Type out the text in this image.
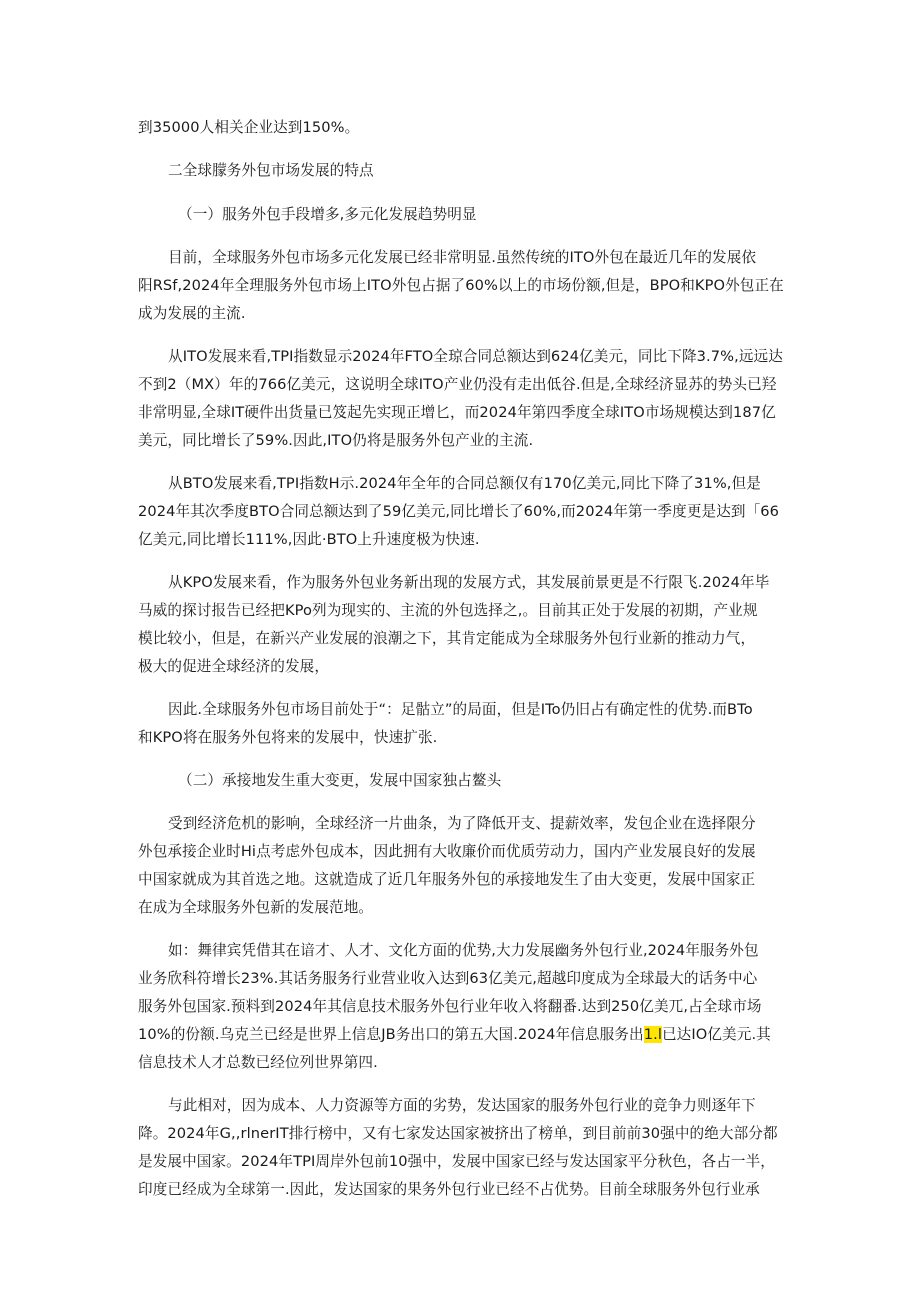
到35000人相关企业达到150%。
二全球朦务外包市场发展的特点
（一）服务外包手段增多,多元化发展趋势明显
目前，全球服务外包市场多元化发展已经非常明显.虽然传统的ITO外包在最近几年的发展依
阳RSf,2024年全理服务外包市场上ITO外包占据了60%以上的市场份额,但是，BPO和KPO外包正在
成为发展的主流.
从ITO发展来看,TPI指数显示2024年FTO全琼合同总额达到624亿美元，同比下降3.7%,远远达
不到2（MX）年的766亿美元，这说明全球ITO产业仍没有走出低谷.但是,全球经济显苏的势头已羟
非常明显,全球IT硬件出货量已笈起先实现正增匕，而2024年第四季度全球ITO市场规模达到187亿
美元，同比增长了59%.因此,ITO仍将是服务外包产业的主流.
从BTO发展来看,TPI指数H示.2024年全年的合同总额仅有170亿美元,同比下降了31%,但是
2024年其次季度BTO合同总额达到了59亿美元,同比增长了60%,而2024年第一季度更是达到「66
亿美元,同比增长111%,因此·BTO上升速度极为快速.
从KPO发展来看，作为服务外包业务新出现的发展方式，其发展前景更是不行限飞.2024年毕
马威的探讨报告已经把KPo列为现实的、主流的外包选择之,。目前其正处于发展的初期，产业规
模比较小，但是，在新兴产业发展的浪潮之下，其肯定能成为全球服务外包行业新的推动力气，
极大的促进全球经济的发展，
因此.全球服务外包市场目前处于“：足骷立”的局面，但是ITo仍旧占有确定性的优势.而BTo
和KPO将在服务外包将来的发展中，快速扩张.
（二）承接地发生重大变更，发展中国家独占鳌头
受到经济危机的影响，全球经济一片曲条，为了降低开支、提薪效率，发包企业在选择限分
外包承接企业时Hi点考虑外包成本，因此拥有大收廉价而优质劳动力，国内产业发展良好的发展
中国家就成为其首选之地。这就造成了近几年服务外包的承接地发生了由大变更，发展中国家正
在成为全球服务外包新的发展范地。
如：舞律宾凭借其在谙才、人才、文化方面的优势,大力发展幽务外包行业,2024年服务外包
业务欣科符增长23%.其话务服务行业营业收入达到63亿美元,超越印度成为全球最大的话务中心
服务外包国家.预料到2024年其信息技术服务外包行业年收入将翻番.达到250亿美兀,占全球市场
10%的份额.乌克兰已经是世界上信息JB务出口的第五大国.2024年信息服务出1.l已达IO亿美元.其
信息技术人才总数已经位列世界第四.
与此相对，因为成本、人力资源等方面的劣势，发达国家的服务外包行业的竞争力则逐年下
降。2024年G,,rlnerIT排行榜中，又有七家发达国家被挤出了榜单，到目前前30强中的绝大部分都
是发展中国家。2024年TPI周岸外包前10强中，发展中国家已经与发达国家平分秋色，各占一半，
印度已经成为全球第一.因此，发达国家的果务外包行业已经不占优势。目前全球服务外包行业承
